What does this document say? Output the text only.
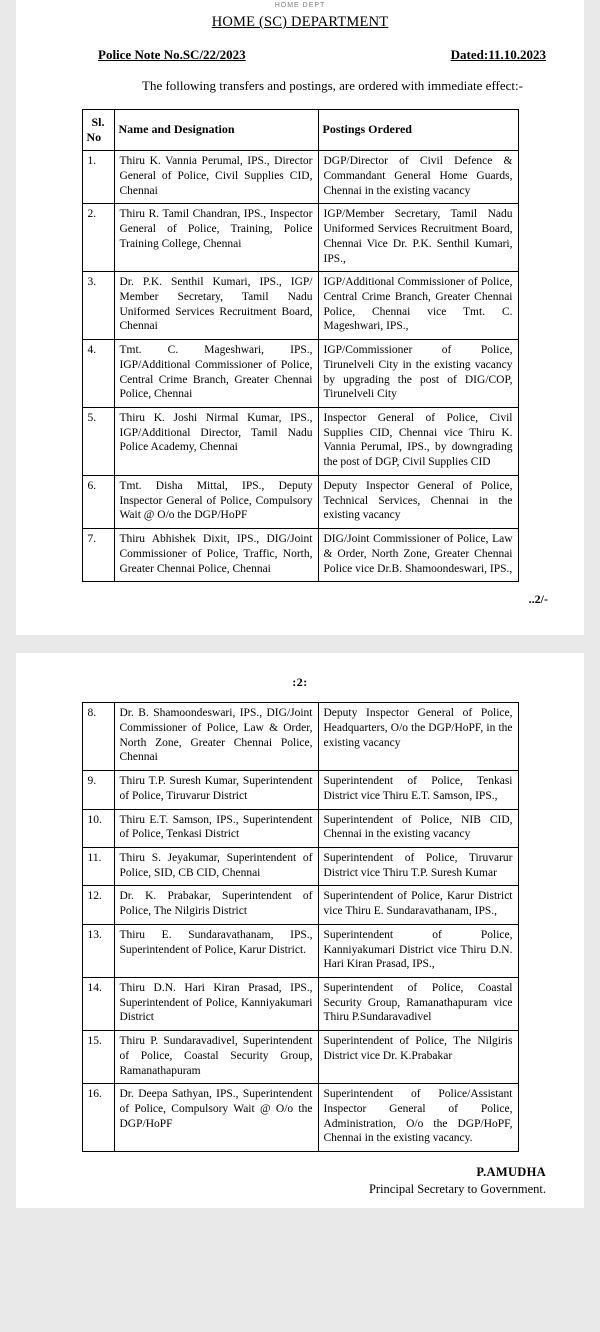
HOME DEPT
HOME (SC) DEPARTMENT
Police Note No.SC/22/2023	Dated:11.10.2023
The following transfers and postings, are ordered with immediate effect:-
Sl. No	Name and Designation	Postings Ordered
1.	Thiru K. Vannia Perumal, IPS., Director General of Police, Civil Supplies CID, Chennai	DGP/Director of Civil Defence & Commandant General Home Guards, Chennai in the existing vacancy
2.	Thiru R. Tamil Chandran, IPS., Inspector General of Police, Training, Police Training College, Chennai	IGP/Member Secretary, Tamil Nadu Uniformed Services Recruitment Board, Chennai Vice Dr. P.K. Senthil Kumari, IPS.,
3.	Dr. P.K. Senthil Kumari, IPS., IGP/ Member Secretary, Tamil Nadu Uniformed Services Recruitment Board, Chennai	IGP/Additional Commissioner of Police, Central Crime Branch, Greater Chennai Police, Chennai vice Tmt. C. Mageshwari, IPS.,
4.	Tmt. C. Mageshwari, IPS., IGP/Additional Commissioner of Police, Central Crime Branch, Greater Chennai Police, Chennai	IGP/Commissioner of Police, Tirunelveli City in the existing vacancy by upgrading the post of DIG/COP, Tirunelveli City
5.	Thiru K. Joshi Nirmal Kumar, IPS., IGP/Additional Director, Tamil Nadu Police Academy, Chennai	Inspector General of Police, Civil Supplies CID, Chennai vice Thiru K. Vannia Perumal, IPS., by downgrading the post of DGP, Civil Supplies CID
6.	Tmt. Disha Mittal, IPS., Deputy Inspector General of Police, Compulsory Wait @ O/o the DGP/HoPF	Deputy Inspector General of Police, Technical Services, Chennai in the existing vacancy
7.	Thiru Abhishek Dixit, IPS., DIG/Joint Commissioner of Police, Traffic, North, Greater Chennai Police, Chennai	DIG/Joint Commissioner of Police, Law & Order, North Zone, Greater Chennai Police vice Dr.B. Shamoondeswari, IPS.,
..2/-
:2:
8.	Dr. B. Shamoondeswari, IPS., DIG/Joint Commissioner of Police, Law & Order, North Zone, Greater Chennai Police, Chennai	Deputy Inspector General of Police, Headquarters, O/o the DGP/HoPF, in the existing vacancy
9.	Thiru T.P. Suresh Kumar, Superintendent of Police, Tiruvarur District	Superintendent of Police, Tenkasi District vice Thiru E.T. Samson, IPS.,
10.	Thiru E.T. Samson, IPS., Superintendent of Police, Tenkasi District	Superintendent of Police, NIB CID, Chennai in the existing vacancy
11.	Thiru S. Jeyakumar, Superintendent of Police, SID, CB CID, Chennai	Superintendent of Police, Tiruvarur District vice Thiru T.P. Suresh Kumar
12.	Dr. K. Prabakar, Superintendent of Police, The Nilgiris District	Superintendent of Police, Karur District vice Thiru E. Sundaravathanam, IPS.,
13.	Thiru E. Sundaravathanam, IPS., Superintendent of Police, Karur District.	Superintendent of Police, Kanniyakumari District vice Thiru D.N. Hari Kiran Prasad, IPS.,
14.	Thiru D.N. Hari Kiran Prasad, IPS., Superintendent of Police, Kanniyakumari District	Superintendent of Police, Coastal Security Group, Ramanathapuram vice Thiru P.Sundaravadivel
15.	Thiru P. Sundaravadivel, Superintendent of Police, Coastal Security Group, Ramanathapuram	Superintendent of Police, The Nilgiris District vice Dr. K.Prabakar
16.	Dr. Deepa Sathyan, IPS., Superintendent of Police, Compulsory Wait @ O/o the DGP/HoPF	Superintendent of Police/Assistant Inspector General of Police, Administration, O/o the DGP/HoPF, Chennai in the existing vacancy.
P.AMUDHA
Principal Secretary to Government.
